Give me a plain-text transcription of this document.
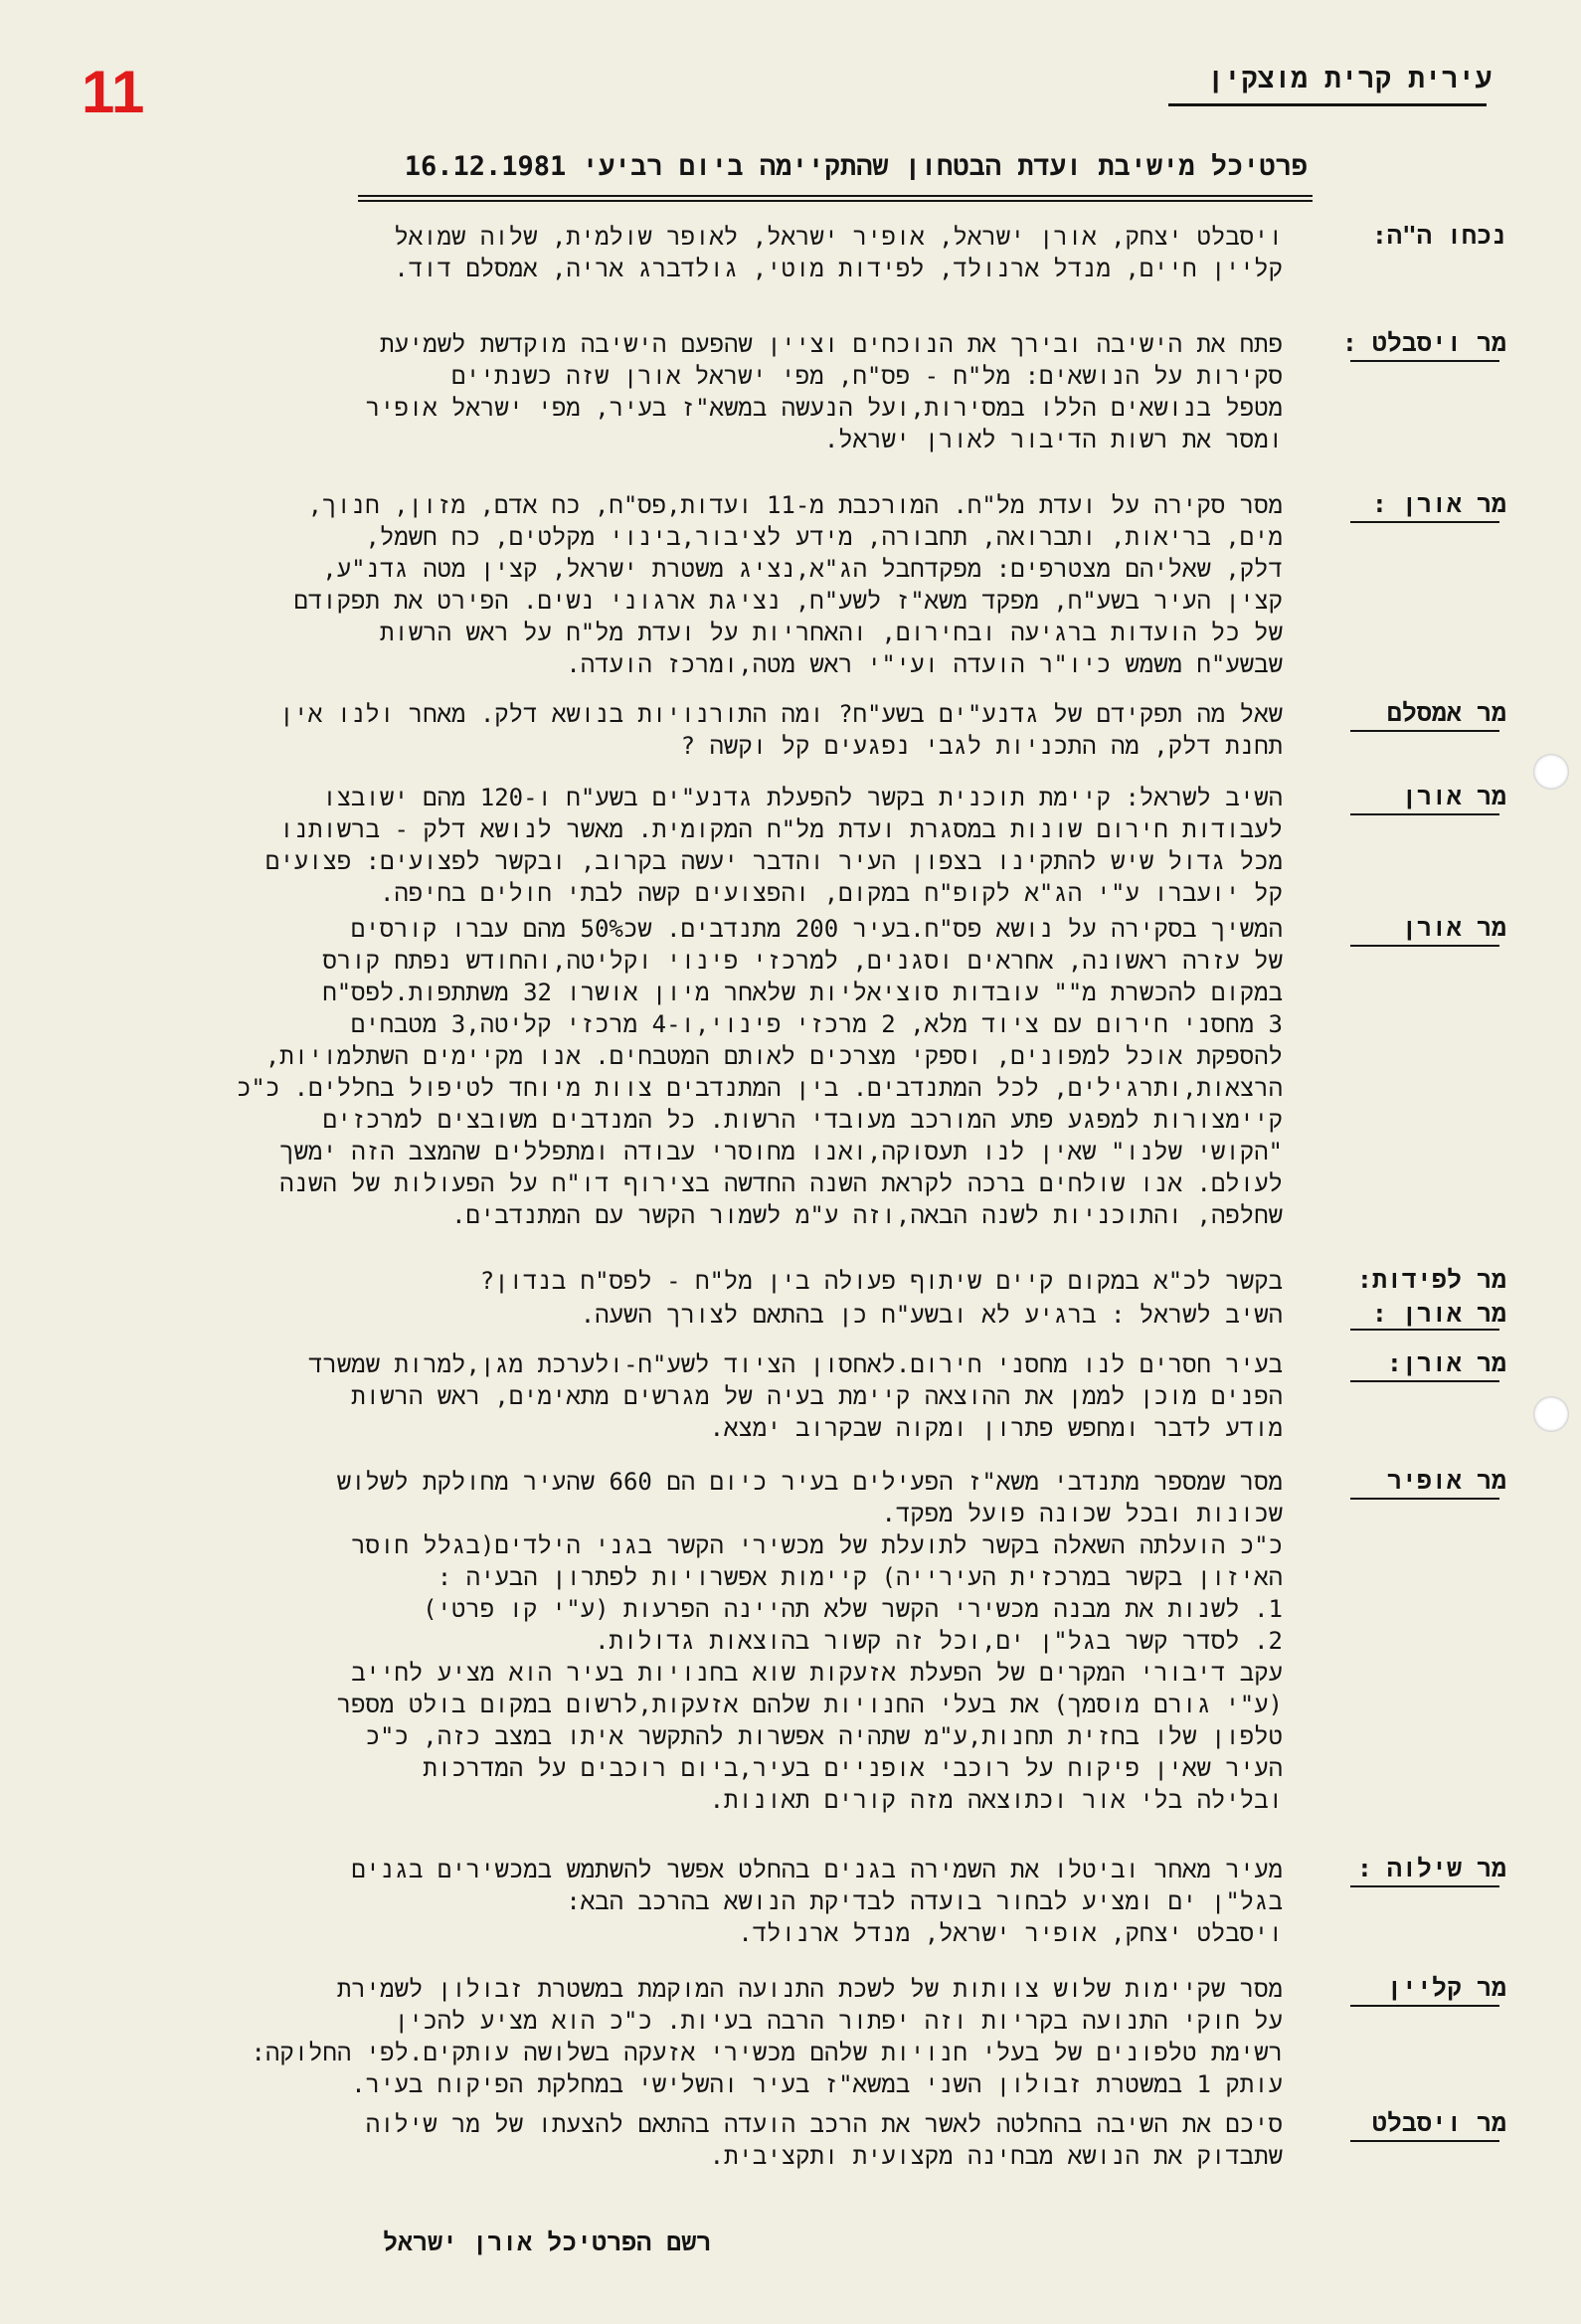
11	עירית קרית מוצקין
פרטיכל מישיבת ועדת הבטחון שהתקיימה ביום רביעי 16.12.1981
נכחו ה"ה:
ויסבלט יצחק, אורן ישראל, אופיר ישראל, לאופר שולמית, שלוה שמואל
קליין חיים, מנדל ארנולד, לפידות מוטי, גולדברג אריה, אמסלם דוד.
מר ויסבלט :
פתח את הישיבה ובירך את הנוכחים וציין שהפעם הישיבה מוקדשת לשמיעת
סקירות על הנושאים: מל"ח - פס"ח, מפי ישראל אורן שזה כשנתיים
מטפל בנושאים הללו במסירות,ועל הנעשה במשא"ז בעיר, מפי ישראל אופיר
ומסר את רשות הדיבור לאורן ישראל.
מר אורן :
מסר סקירה על ועדת מל"ח. המורכבת מ-11 ועדות,פס"ח, כח אדם, מזון, חנוך,
מים, בריאות, ותברואה, תחבורה, מידע לציבור,בינוי מקלטים, כח חשמל,
דלק, שאליהם מצטרפים: מפקדחבל הג"א,נציג משטרת ישראל, קצין מטה גדנ"ע,
קצין העיר בשע"ח, מפקד משא"ז לשע"ח, נציגת ארגוני נשים. הפירט את תפקודם
של כל הועדות ברגיעה ובחירום, והאחריות על ועדת מל"ח על ראש הרשות
שבשע"ח משמש כיו"ר הועדה ועי"י ראש מטה,ומרכז הועדה.
מר אמסלם
שאל מה תפקידם של גדנע"ים בשע"ח? ומה התורנויות בנושא דלק. מאחר ולנו אין
תחנת דלק, מה התכניות לגבי נפגעים קל וקשה ?
מר אורן
השיב לשראל: קיימת תוכנית בקשר להפעלת גדנע"ים בשע"ח ו-120 מהם ישובצו
לעבודות חירום שונות במסגרת ועדת מל"ח המקומית. מאשר לנושא דלק - ברשותנו
מכל גדול שיש להתקינו בצפון העיר והדבר יעשה בקרוב, ובקשר לפצועים: פצועים
קל יועברו ע"י הג"א לקופ"ח במקום, והפצועים קשה לבתי חולים בחיפה.
מר אורן
המשיך בסקירה על נושא פס"ח.בעיר 200 מתנדבים. שכ50% מהם עברו קורסים
של עזרה ראשונה, אחראים וסגנים, למרכזי פינוי וקליטה,והחודש נפתח קורס
במקום להכשרת מ"" עובדות סוציאליות שלאחר מיון אושרו 32 משתתפות.לפס"ח
3 מחסני חירום עם ציוד מלא, 2 מרכזי פינוי,ו-4 מרכזי קליטה,3 מטבחים
להספקת אוכל למפונים, וספקי מצרכים לאותם המטבחים. אנו מקיימים השתלמויות,
הרצאות,ותרגילים, לכל המתנדבים. בין המתנדבים צוות מיוחד לטיפול בחללים. כ"כ
קיימצורות למפגע פתע המורכב מעובדי הרשות. כל המנדבים משובצים למרכזים
"הקושי שלנו" שאין לנו תעסוקה,ואנו מחוסרי עבודה ומתפללים שהמצב הזה ימשך
לעולם. אנו שולחים ברכה לקראת השנה החדשה בצירוף דו"ח על הפעולות של השנה
שחלפה, והתוכניות לשנה הבאה,וזה ע"מ לשמור הקשר עם המתנדבים.
מר לפידות:
בקשר לכ"א במקום קיים שיתוף פעולה בין מל"ח - לפס"ח בנדון?
מר אורן :
השיב לשראל : ברגיע לא ובשע"ח כן בהתאם לצורך השעה.
מר אורן:
בעיר חסרים לנו מחסני חירום.לאחסון הציוד לשע"ח-ולערכת מגן,למרות שמשרד
הפנים מוכן לממן את ההוצאה קיימת בעיה של מגרשים מתאימים, ראש הרשות
מודע לדבר ומחפש פתרון ומקוה שבקרוב ימצא.
מר אופיר
מסר שמספר מתנדבי משא"ז הפעילים בעיר כיום הם 660 שהעיר מחולקת לשלוש
שכונות ובכל שכונה פועל מפקד.
כ"כ הועלתה השאלה בקשר לתועלת של מכשירי הקשר בגני הילדים(בגלל חוסר
האיזון בקשר במרכזית העירייה) קיימות אפשרויות לפתרון הבעיה :
1. לשנות את מבנה מכשירי הקשר שלא תהיינה הפרעות (ע"י קו פרטי)
2. לסדר קשר בגל"ן ים,וכל זה קשור בהוצאות גדולות.
עקב דיבורי המקרים של הפעלת אזעקות שוא בחנויות בעיר הוא מציע לחייב
(ע"י גורם מוסמך) את בעלי החנויות שלהם אזעקות,לרשום במקום בולט מספר
טלפון שלו בחזית תחנות,ע"מ שתהיה אפשרות להתקשר איתו במצב כזה, כ"כ
העיר שאין פיקוח על רוכבי אופניים בעיר,ביום רוכבים על המדרכות
ובלילה בלי אור וכתוצאה מזה קורים תאונות.
מר שילוה :
מעיר מאחר וביטלו את השמירה בגנים בהחלט אפשר להשתמש במכשירים בגנים
בגל"ן ים ומציע לבחור בועדה לבדיקת הנושא בהרכב הבא:
ויסבלט יצחק, אופיר ישראל, מנדל ארנולד.
מר קליין
מסר שקיימות שלוש צוותות של לשכת התנועה המוקמת במשטרת זבולון לשמירת
על חוקי התנועה בקריות וזה יפתור הרבה בעיות. כ"כ הוא מציע להכין
רשימת טלפונים של בעלי חנויות שלהם מכשירי אזעקה בשלושה עותקים.לפי החלוקה:
עותק 1 במשטרת זבולון השני במשא"ז בעיר והשלישי במחלקת הפיקוח בעיר.
מר ויסבלט
סיכם את השיבה בהחלטה לאשר את הרכב הועדה בהתאם להצעתו של מר שילוה
שתבדוק את הנושא מבחינה מקצועית ותקציבית.
רשם הפרטיכל אורן ישראל
